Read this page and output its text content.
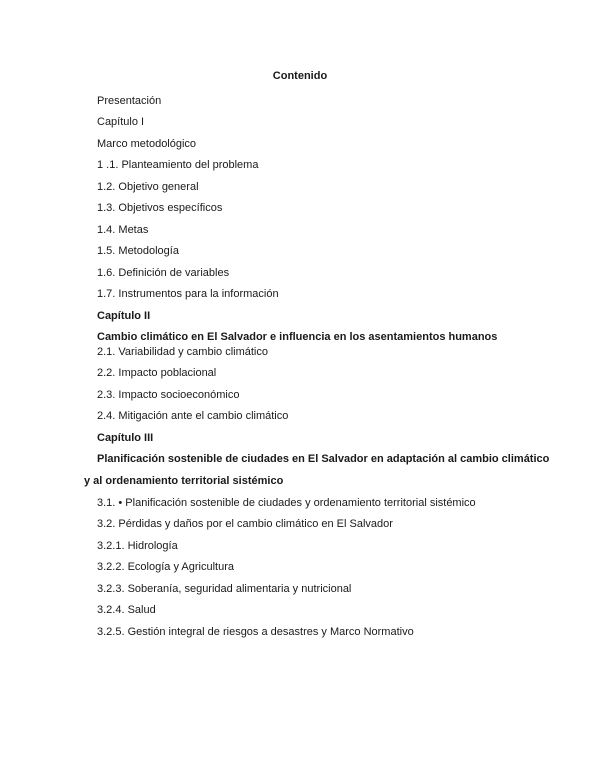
Contenido
Presentación
Capítulo I
Marco metodológico
1 .1. Planteamiento del problema
1.2. Objetivo general
1.3. Objetivos específicos
1.4. Metas
1.5. Metodología
1.6. Definición de variables
1.7. Instrumentos para la información
Capítulo II
Cambio climático en El Salvador e influencia en los asentamientos humanos
2.1. Variabilidad y cambio climático
2.2. Impacto poblacional
2.3. Impacto socioeconómico
2.4. Mitigación ante el cambio climático
Capítulo III
Planificación sostenible de ciudades en El Salvador en adaptación al cambio climático
y al ordenamiento territorial sistémico
3.1. • Planificación sostenible de ciudades y ordenamiento territorial sistémico
3.2. Pérdidas y daños por el cambio climático en El Salvador
3.2.1. Hidrología
3.2.2. Ecología y Agricultura
3.2.3. Soberanía, seguridad alimentaria y nutricional
3.2.4. Salud
3.2.5. Gestión integral de riesgos a desastres y Marco Normativo
